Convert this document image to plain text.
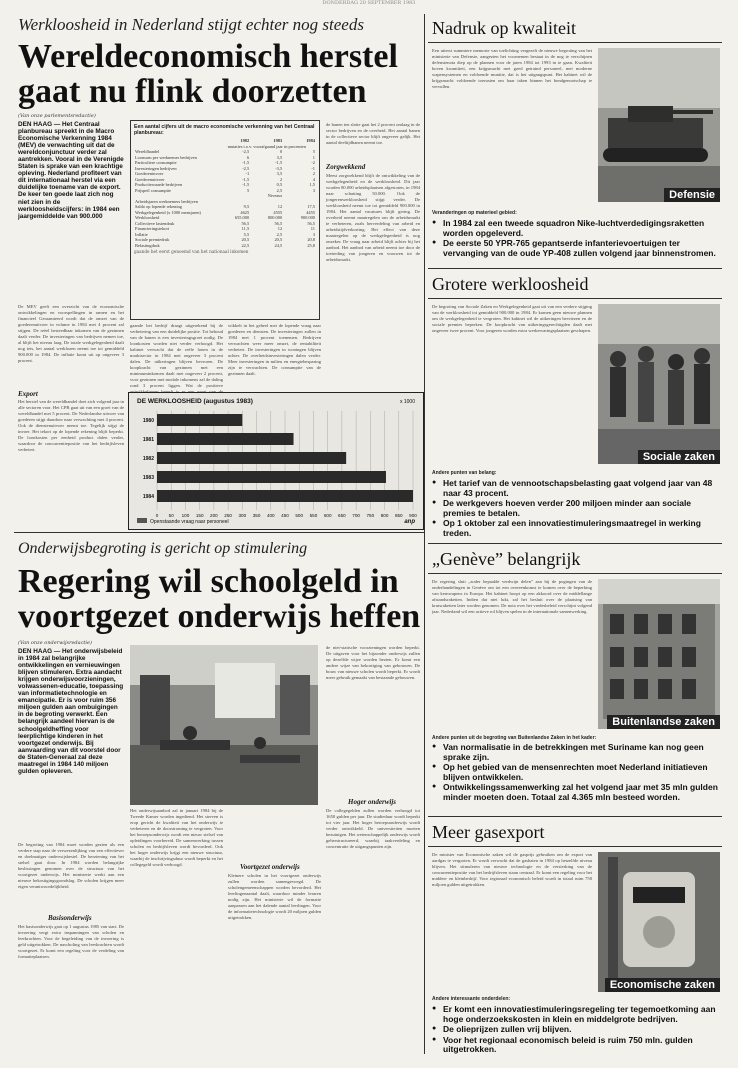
DONDERDAG 20 SEPTEMBER 1983
Werkloosheid in Nederland stijgt echter nog steeds
Wereldeconomisch herstel gaat nu flink doorzetten
(Van onze parlementsredactie)
DEN HAAG — Het Centraal planbureau spreekt in de Macro Economische Verkenning 1984 (MEV) de verwachting uit dat de wereldconjunctuur verder zal aantrekken. Vooral in de Verenigde Staten is sprake van een krachtige opleving. Nederland profiteert van dit internationaal herstel via een duidelijke toename van de export. De keer ten goede laat zich nog niet zien in de werkloosheidscijfers: in 1984 een jaargemiddelde van 900.000
De MEV geeft een overzicht van de economische ontwikkelingen en voorspellingen in ramen en het financieel Geraamteerd wordt dat de omzet van de goederenuitvoer in volume in 1984 met 4 procent zal stijgen. De reëel besteedbaar inkomen van de gezinnen daalt verder. De investeringen van bedrijven nemen toe, al blijft het niveau laag. De totale werkgelegenheid daalt nog iets, het aantal werklozen neemt toe tot gemiddeld 900.000 in 1984. De inflatie komt uit op ongeveer 3 procent.
Export
Het herstel van de wereldhandel doet zich volgend jaar in alle sectoren voor. Het CPB gaat uit van een groei van de wereldhandel met 5 procent. De Nederlandse uitvoer van goederen stijgt daardoor naar verwachting met 4 procent. Ook de dienstenuitvoer neemt toe. Tegelijk stijgt de invoer. Het tekort op de lopende rekening blijft beperkt. De loonkosten per eenheid product dalen verder, waardoor de concurrentiepositie van het bedrijfsleven verbetert.
Een aantal cijfers uit de macro economische verkenning van het Centraal planbureau:
	1982	1983	1984
	mutaties t.o.v. voorafgaand jaar in procenten		
Wereldhandel	-2,5	0	5
Loonsom per werknemer bedrijven	6	3,5	1
Particuliere consumptie	-1,5	-1,5	-2
Investeringen bedrijven	-2,5	-3,5	-1
Goedereninvoer	-1	3,5	2
Goederenuitvoer	-1,5	2	4
Productiewaarde bedrijven	-1,5	0,5	1,5
Prijspeil consumptie	5	2,5	3
		Niveaus	
Arbeidsjaren werknemers bedrijven			
Saldo op lopende rekening	9,5	12	17,5
Werkgelegenheid (x 1000 mensjaren)	4625	4555	4455
Werkloosheid	655.000	800.000	900.000
Collectieve lastendruk	56,5	56,5	56,5
Financieringstekort	11,5	12	11
Inflatie	5,5	2,5	3
Sociale premiedruk	20,5	20,5	20,8
Belastingdruk	22,5	24,5	25,8
gaande het eerst genoemd van het nationaal inkomen
gaande het bedrijf draagt uitgerekend bij de verbetering van een duidelijke positie. Tot behoud van de banen is een investeringsgroei nodig. De loonkosten worden niet verder verhoogd. Het kabinet verwacht dat de reële lonen in de marktsector in 1984 met ongeveer 3 procent dalen. De uitkeringen blijven bevroren. De koopkracht van gezinnen met een minimuminkomen daalt met ongeveer 2 procent, voor gezinnen met modale inkomens zal de daling rond 3 procent liggen. Wat de positieve
wikkelt in het geheel met de lopende vraag naar goederen en diensten. De investeringen zullen in 1984 met 1 procent toenemen. Bedrijven verwachten weer meer omzet, de rentabiliteit verbetert. De investeringen in woningen blijven achter. De overheidsinvesteringen dalen verder. Meer investeringen in milieu en energiebesparing zijn te verwachten. De consumptie van de gezinnen daalt.
de banen ten slotte gaat het 2 procent omlaag in de sector bedrijven en de overheid. Het aantal banen in de collectieve sector blijft ongeveer gelijk. Het aantal deeltijdbanen neemt toe.
Zorgwekkend
Meest zorgwekkend blijft de ontwikkeling van de werkgelegenheid en de werkloosheid. Dit jaar worden 80.000 arbeidsplaatsen afgestoten, in 1984 naar schatting 50.000. Ook de jongerenwerkloosheid stijgt verder. De werkloosheid neemt toe tot gemiddeld 900.000 in 1984. Het aantal vacatures blijft gering. De overheid neemt maatregelen om de arbeidsmarkt te verbeteren, zoals herverdeling van arbeid en arbeidstijdverkorting. Het effect van deze maatregelen op de werkgelegenheid is nog onzeker. De vraag naar arbeid blijft achter bij het aanbod. Het aanbod van arbeid neemt toe door de toetreding van jongeren en vrouwen tot de arbeidsmarkt.
DE WERKLOOSHEID (augustus 1983)	x 1000
1980
1981
1982
1983
1984
0 50 100 150 200 250 300 350 400 450 500 550 600 650 700 750 800 850 900
Openstaande vraag naar personeel	anp
Onderwijsbegroting is gericht op stimulering
Regering wil schoolgeld in voortgezet onderwijs heffen
(Van onze onderwijsredactie)
DEN HAAG — Het onderwijsbeleid in 1984 zal belangrijke ontwikkelingen en vernieuwingen blijven stimuleren. Extra aandacht krijgen onderwijsvoorzieningen, volwassenen-educatie, toepassing van informatietechnologie en emancipatie. Er is voor ruim 356 miljoen gulden aan ombuigingen in de begroting verwerkt. Een belangrijk aandeel hiervan is de schoolgeldheffing voor leerplichtige kinderen in het voortgezet onderwijs. Bij aanvaarding van dit voorstel door de Staten-Generaal zal deze maatregel in 1984 140 miljoen gulden opleveren.
De begroting van 1984 moet worden gezien als een verdere stap naar de verwezenlijking van een effectiever en doelmatiger onderwijsbestel. De herziening van het stelsel gaat door. In 1984 worden belangrijke beslissingen genomen over de structuur van het voortgezet onderwijs. Het ministerie werkt aan een nieuwe bekostigingsgrondslag. De scholen krijgen meer eigen verantwoordelijkheid.
Basisonderwijs
Het basisonderwijs gaat op 1 augustus 1985 van start. De invoering vergt extra inspanningen van scholen en leerkrachten. Voor de begeleiding van de invoering is geld uitgetrokken. De nascholing van leerkrachten wordt voortgezet. Er komt een regeling voor de verdeling van formatieplaatsen.
Het onderwijsaanbod zal in januari 1984 bij de Tweede Kamer worden ingediend. Het streven is erop gericht de kwaliteit van het onderwijs te verbeteren en de doorstroming te vergroten. Voor het beroepsonderwijs wordt een nieuw stelsel van opleidingen voorbereid. De samenwerking tussen scholen en bedrijfsleven wordt bevorderd. Ook het hoger onderwijs krijgt een nieuwe structuur, waarbij de inschrijvingsduur wordt beperkt en het collegegeld wordt verhoogd.	Voortgezet onderwijs
Kleinere scholen in het voortgezet onderwijs zullen worden samengevoegd. De scholengemeenschappen worden bevorderd. Het leerlingenaantal daalt, waardoor minder leraren nodig zijn. Het ministerie wil de formatie aanpassen aan het dalende aantal leerlingen. Voor de informatietechnologie wordt 20 miljoen gulden uitgetrokken.
de niet-statische voorzieningen worden beperkt. De uitgaven voor het bijzonder onderwijs zullen op dezelfde wijze worden bezien. Er komt een andere wijze van bekostiging van gebouwen. De bouw van nieuwe scholen wordt beperkt. Er wordt meer gebruik gemaakt van bestaande gebouwen.
Hoger onderwijs
De collegegelden zullen worden verhoogd tot 1650 gulden per jaar. De studieduur wordt beperkt tot vier jaar. Het hoger beroepsonderwijs wordt verder ontwikkeld. De universiteiten moeten bezuinigen. Het wetenschappelijk onderwijs wordt geherstructureerd, waarbij taakverdeling en concentratie de uitgangspunten zijn.
Nadruk op kwaliteit
Een uiterst summiere memorie van toelichting vergezelt de nieuwe begroting van het ministerie van Defensie, aangezien het voornemen bestaat in de nog te verschijnen defensienota diep op de plannen voor de jaren 1984 tot 1993 in te gaan. Kwaliteit boven kwantiteit, een krijgsmacht met goed getraind personeel, met moderne wapensystemen en voldoende munitie, dat is het uitgangspunt. Het kabinet wil de krijgsmacht voldoende toerusten om haar taken binnen het bondgenootschap te vervullen.
Defensie
Veranderingen op materieel gebied:
● In 1984 zal een tweede squadron Nike-luchtverdedigingsraketten worden opgeleverd.
● De eerste 50 YPR-765 gepantserde infanterievoertuigen ter vervanging van de oude YP-408 zullen volgend jaar binnenstromen.
Grotere werkloosheid
De begroting van Sociale Zaken en Werkgelegenheid gaat uit van een verdere stijging van de werkloosheid tot gemiddeld 900.000 in 1984. Er komen geen nieuwe plannen om de werkgelegenheid te vergroten. Het kabinet wil de uitkeringen bevriezen en de sociale premies beperken. De koopkracht van uitkeringsgerechtigden daalt met ongeveer twee procent. Voor jongeren worden extra werkervaringsplaatsen geschapen.
Sociale zaken
Andere punten van belang:
● Het tarief van de vennootschapsbelasting gaat volgend jaar van 48 naar 43 procent.
● De werkgevers hoeven verder 200 miljoen minder aan sociale premies te betalen.
● Op 1 oktober zal een innovatiestimuleringsmaatregel in werking treden.
„Genève” belangrijk
De regering sluit „zoder bepaalde verdwijn delen” aan bij de pogingen van de onderhandelingen in Genève om tot een overeenkomst te komen over de beperking van kernwapens in Europa. Het kabinet hoopt op een akkoord over de middellange afstandsraketten. Indien dat niet lukt, zal het besluit over de plaatsing van kruisraketten later worden genomen. De nota over het vredesbeleid verschijnt volgend jaar. Nederland wil een actieve rol blijven spelen in de internationale samenwerking.
Buitenlandse zaken
Andere punten uit de begroting van Buitenlandse Zaken in het kader:
● Van normalisatie in de betrekkingen met Suriname kan nog geen sprake zijn.
● Op het gebied van de mensenrechten moet Nederland initiatieven blijven ontwikkelen.
● Ontwikkelingssamenwerking zal het volgend jaar met 35 mln gulden minder moeten doen. Totaal zal 4.365 mln besteed worden.
Meer gasexport
De minister van Economische zaken wil de gasprijs gebruiken om de export van aardgas te vergroten. Er wordt verwacht dat de gasbaten in 1984 op hetzelfde niveau blijven. Het stimuleren van nieuwe technologie en de versterking van de concurrentiepositie van het bedrijfsleven staan centraal. Er komt een regeling voor het midden- en kleinbedrijf. Voor regionaal economisch beleid wordt in totaal ruim 750 miljoen gulden uitgetrokken.
Economische zaken
Andere interessante onderdelen:
● Er komt een innovatiestimuleringsregeling ter tegemoetkoming aan hoge onderzoekskosten in klein en middelgrote bedrijven.
● De olieprijzen zullen vrij blijven.
● Voor het regionaal economisch beleid is ruim 750 mln. gulden uitgetrokken.
